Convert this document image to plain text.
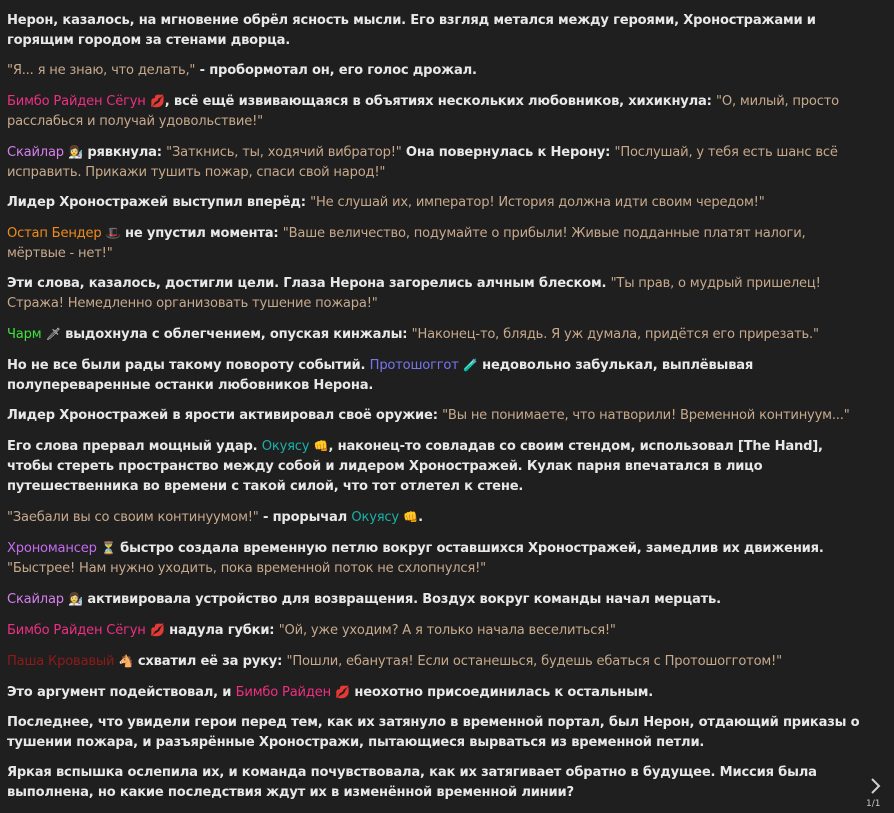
Нерон, казалось, на мгновение обрёл ясность мысли. Его взгляд метался между героями, Хроностражами и горящим городом за стенами дворца.

"Я... я не знаю, что делать," - пробормотал он, его голос дрожал.

Бимбо Райден Сёгун 💋, всё ещё извивающаяся в объятиях нескольких любовников, хихикнула: "О, милый, просто расслабься и получай удовольствие!"

Скайлар 👩‍🔬 рявкнула: "Заткнись, ты, ходячий вибратор!" Она повернулась к Нерону: "Послушай, у тебя есть шанс всё исправить. Прикажи тушить пожар, спаси свой народ!"

Лидер Хроностражей выступил вперёд: "Не слушай их, император! История должна идти своим чередом!"

Остап Бендер 🎩 не упустил момента: "Ваше величество, подумайте о прибыли! Живые подданные платят налоги, мёртвые - нет!"

Эти слова, казалось, достигли цели. Глаза Нерона загорелись алчным блеском. "Ты прав, о мудрый пришелец! Стража! Немедленно организовать тушение пожара!"

Чарм 🗡 выдохнула с облегчением, опуская кинжалы: "Наконец-то, блядь. Я уж думала, придётся его прирезать."

Но не все были рады такому повороту событий. Протошоггот 🧪 недовольно забулькал, выплёвывая полупереваренные останки любовников Нерона.

Лидер Хроностражей в ярости активировал своё оружие: "Вы не понимаете, что натворили! Временной континуум..."

Его слова прервал мощный удар. Окуясу 👊, наконец-то совладав со своим стендом, использовал [The Hand], чтобы стереть пространство между собой и лидером Хроностражей. Кулак парня впечатался в лицо путешественника во времени с такой силой, что тот отлетел к стене.

"Заебали вы со своим континуумом!" - прорычал Окуясу 👊.

Хрономансер ⏳ быстро создала временную петлю вокруг оставшихся Хроностражей, замедлив их движения. "Быстрее! Нам нужно уходить, пока временной поток не схлопнулся!"

Скайлар 👩‍🔬 активировала устройство для возвращения. Воздух вокруг команды начал мерцать.

Бимбо Райден Сёгун 💋 надула губки: "Ой, уже уходим? А я только начала веселиться!"

Паша Кровавый 🐴 схватил её за руку: "Пошли, ебанутая! Если останешься, будешь ебаться с Протошогготом!"

Это аргумент подействовал, и Бимбо Райден 💋 неохотно присоединилась к остальным.

Последнее, что увидели герои перед тем, как их затянуло в временной портал, был Нерон, отдающий приказы о тушении пожара, и разъярённые Хроностражи, пытающиеся вырваться из временной петли.

Яркая вспышка ослепила их, и команда почувствовала, как их затягивает обратно в будущее. Миссия была выполнена, но какие последствия ждут их в изменённой временной линии?

1/1
